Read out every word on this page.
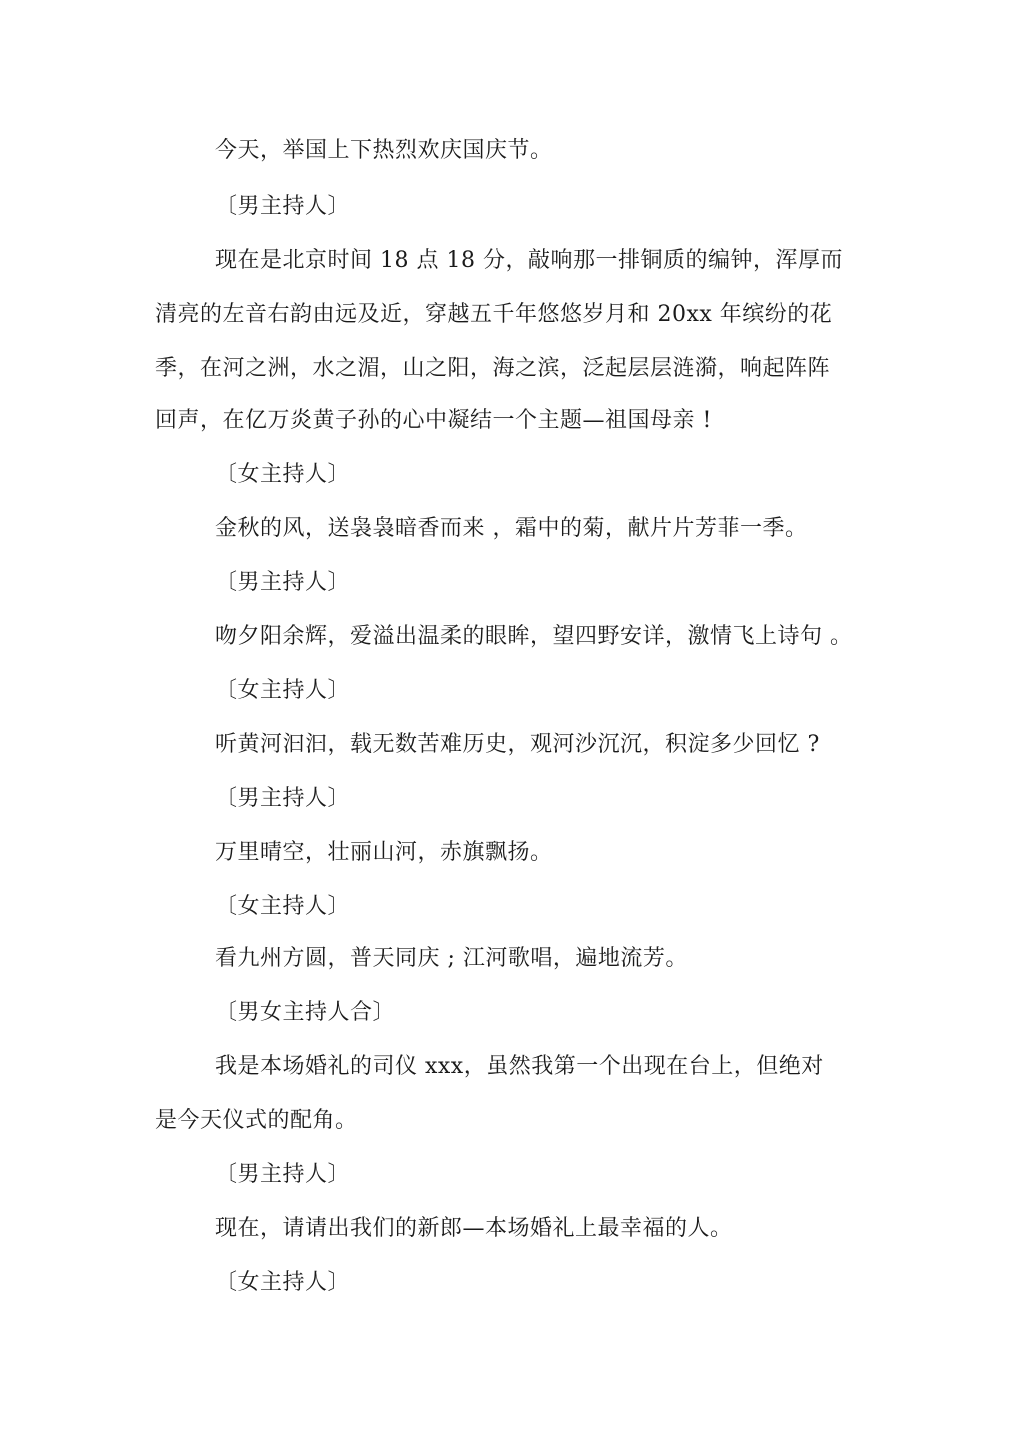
今天，举国上下热烈欢庆国庆节。
〔男主持人〕
现在是北京时间 18 点 18 分，敲响那一排铜质的编钟，浑厚而
清亮的左音右韵由远及近，穿越五千年悠悠岁月和 20xx 年缤纷的花
季，在河之洲，水之湄，山之阳，海之滨，泛起层层涟漪，响起阵阵
回声，在亿万炎黄子孙的心中凝结一个主题—祖国母亲 !
〔女主持人〕
金秋的风，送袅袅暗香而来 ，霜中的菊，献片片芳菲一季。
〔男主持人〕
吻夕阳余辉，爱溢出温柔的眼眸，望四野安详，激情飞上诗句 。
〔女主持人〕
听黄河汩汩，载无数苦难历史，观河沙沉沉，积淀多少回忆 ?
〔男主持人〕
万里晴空，壮丽山河，赤旗飘扬。
〔女主持人〕
看九州方圆，普天同庆 ; 江河歌唱，遍地流芳。
〔男女主持人合〕
我是本场婚礼的司仪 xxx，虽然我第一个出现在台上，但绝对
是今天仪式的配角。
〔男主持人〕
现在，请请出我们的新郎—本场婚礼上最幸福的人。
〔女主持人〕
